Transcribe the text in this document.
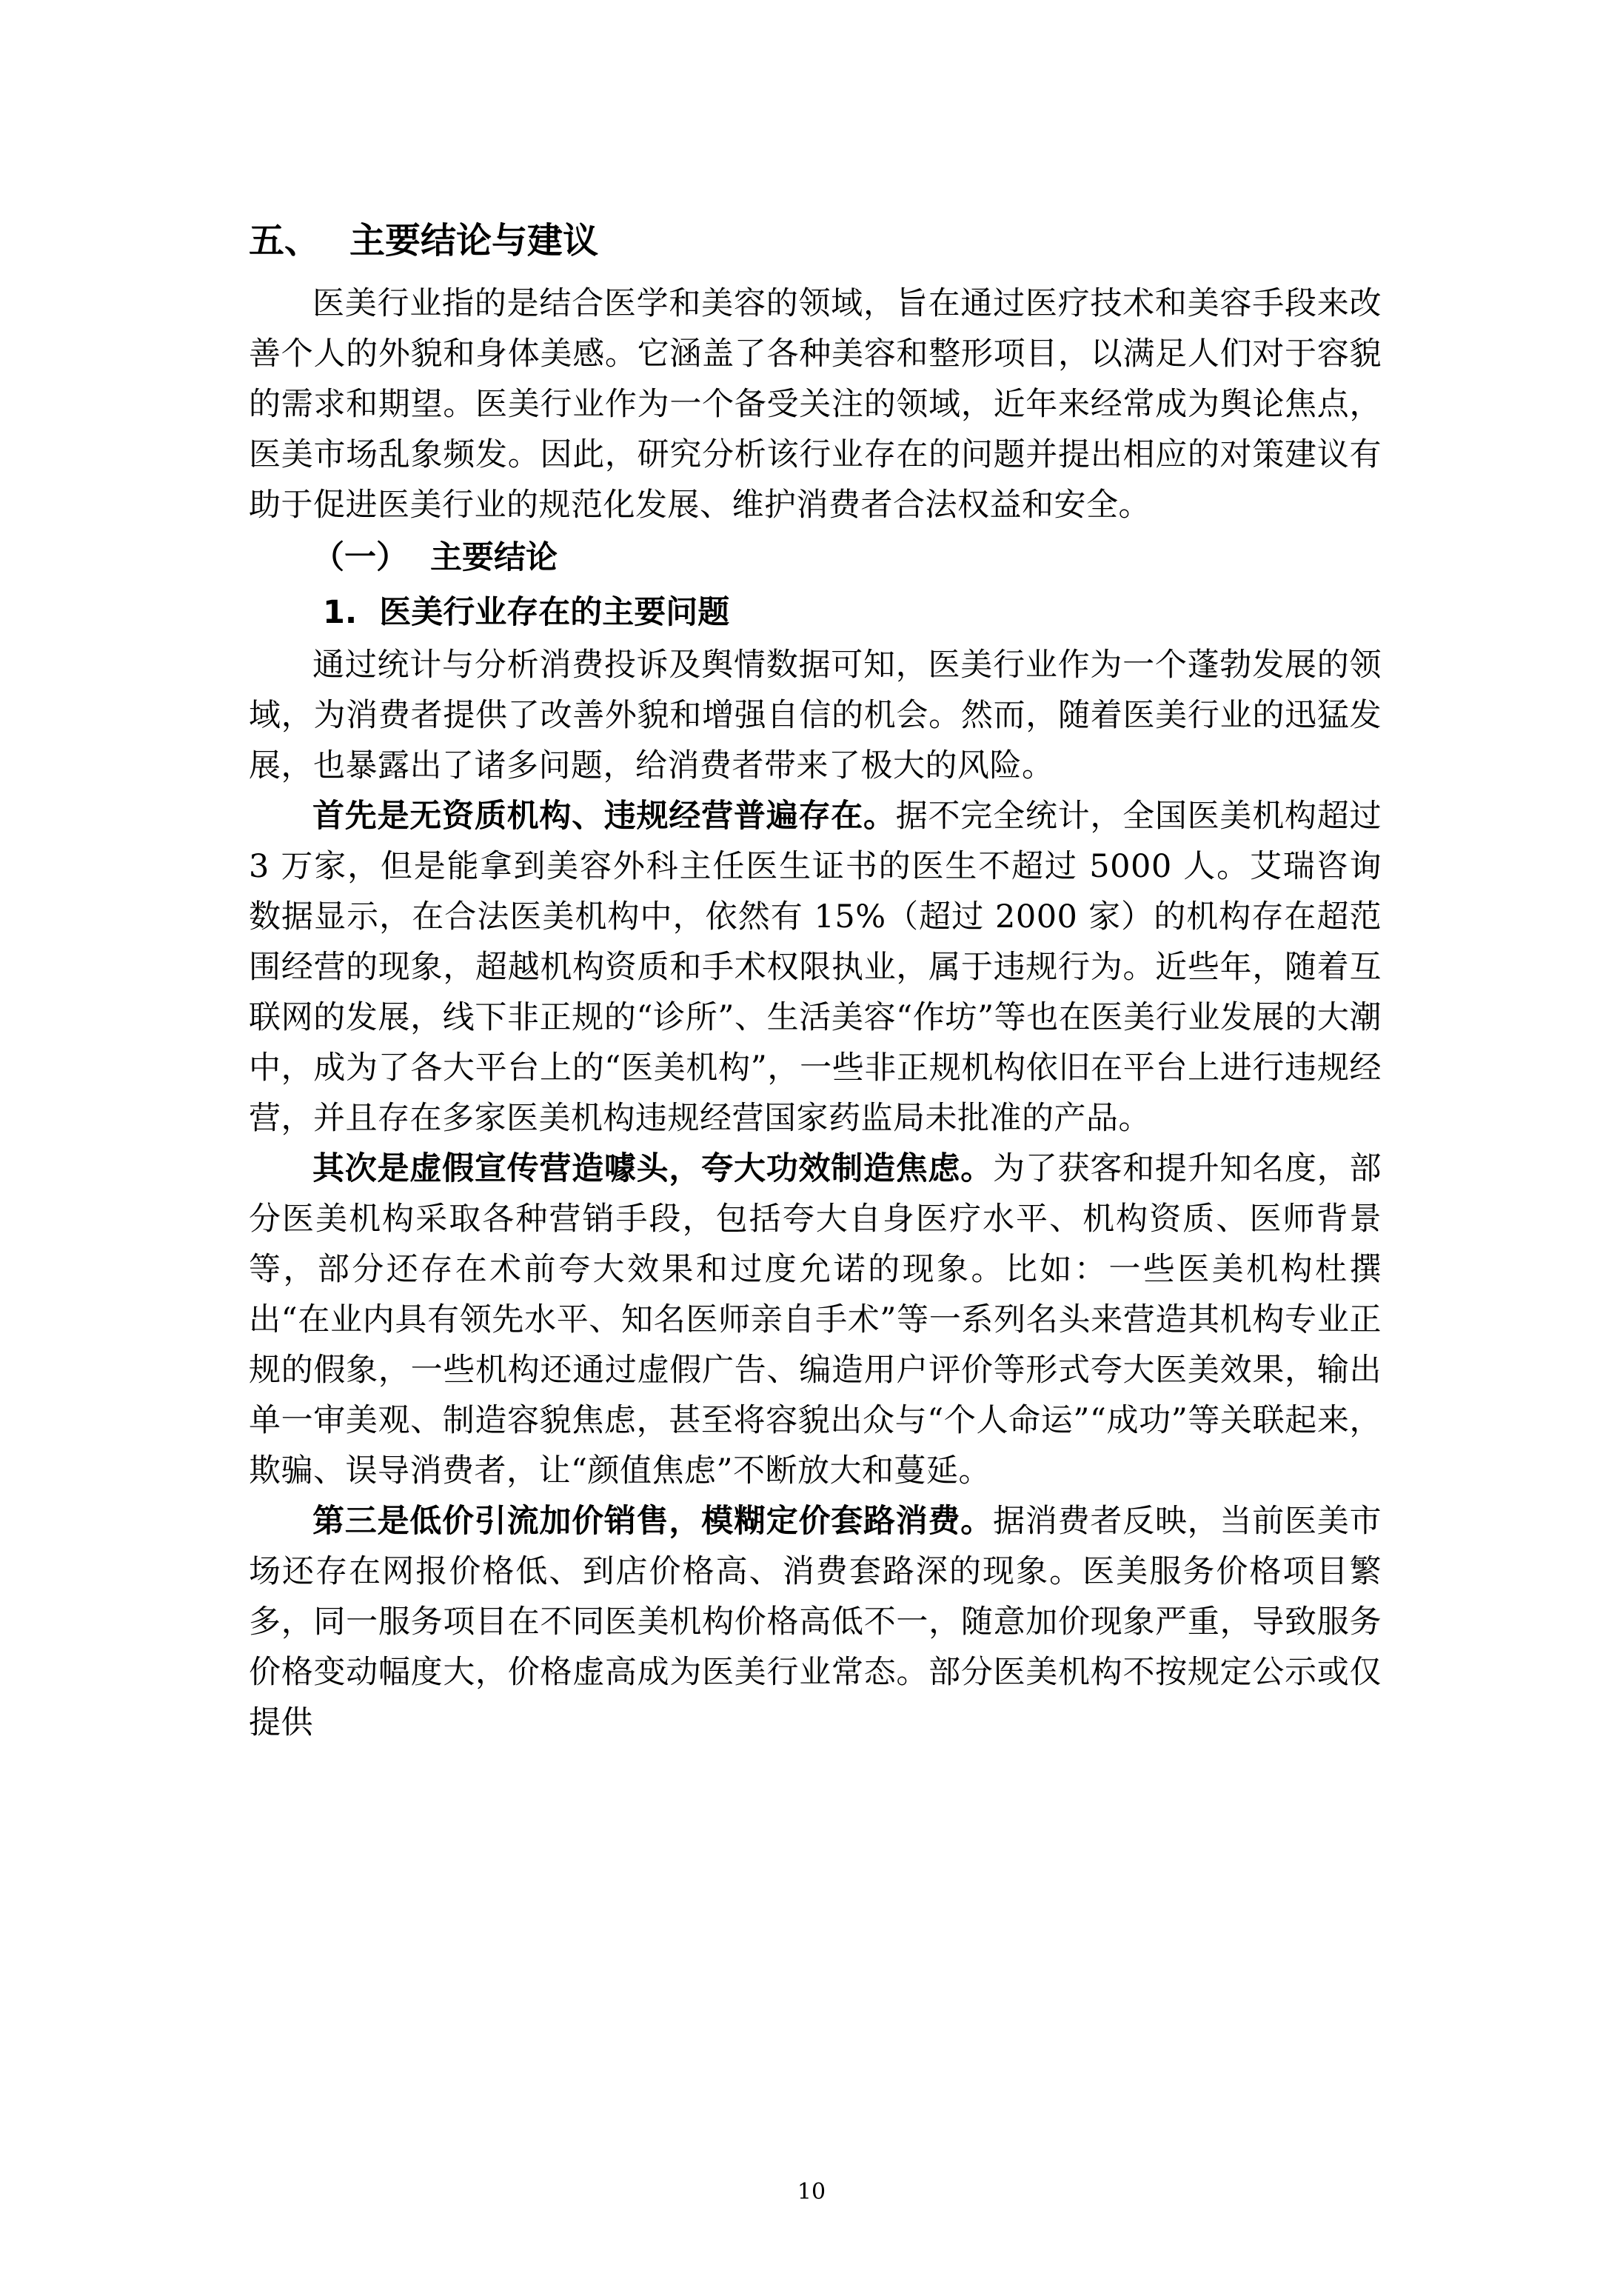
五、 主要结论与建议

医美行业指的是结合医学和美容的领域，旨在通过医疗技术和美容手段来改善个人的外貌和身体美感。它涵盖了各种美容和整形项目，以满足人们对于容貌的需求和期望。医美行业作为一个备受关注的领域，近年来经常成为舆论焦点，医美市场乱象频发。因此，研究分析该行业存在的问题并提出相应的对策建议有助于促进医美行业的规范化发展、维护消费者合法权益和安全。

（一） 主要结论
1. 医美行业存在的主要问题

通过统计与分析消费投诉及舆情数据可知，医美行业作为一个蓬勃发展的领域，为消费者提供了改善外貌和增强自信的机会。然而，随着医美行业的迅猛发展，也暴露出了诸多问题，给消费者带来了极大的风险。

首先是无资质机构、违规经营普遍存在。据不完全统计，全国医美机构超过 3 万家，但是能拿到美容外科主任医生证书的医生不超过 5000 人。艾瑞咨询数据显示，在合法医美机构中，依然有 15%（超过 2000 家）的机构存在超范围经营的现象，超越机构资质和手术权限执业，属于违规行为。近些年，随着互联网的发展，线下非正规的“诊所”、生活美容“作坊”等也在医美行业发展的大潮中，成为了各大平台上的“医美机构”，一些非正规机构依旧在平台上进行违规经营，并且存在多家医美机构违规经营国家药监局未批准的产品。

其次是虚假宣传营造噱头，夸大功效制造焦虑。为了获客和提升知名度，部分医美机构采取各种营销手段，包括夸大自身医疗水平、机构资质、医师背景等，部分还存在术前夸大效果和过度允诺的现象。比如：一些医美机构杜撰出“在业内具有领先水平、知名医师亲自手术”等一系列名头来营造其机构专业正规的假象，一些机构还通过虚假广告、编造用户评价等形式夸大医美效果，输出单一审美观、制造容貌焦虑，甚至将容貌出众与“个人命运”“成功”等关联起来，欺骗、误导消费者，让“颜值焦虑”不断放大和蔓延。

第三是低价引流加价销售，模糊定价套路消费。据消费者反映，当前医美市场还存在网报价格低、到店价格高、消费套路深的现象。医美服务价格项目繁多，同一服务项目在不同医美机构价格高低不一，随意加价现象严重，导致服务价格变动幅度大，价格虚高成为医美行业常态。部分医美机构不按规定公示或仅提供

10
